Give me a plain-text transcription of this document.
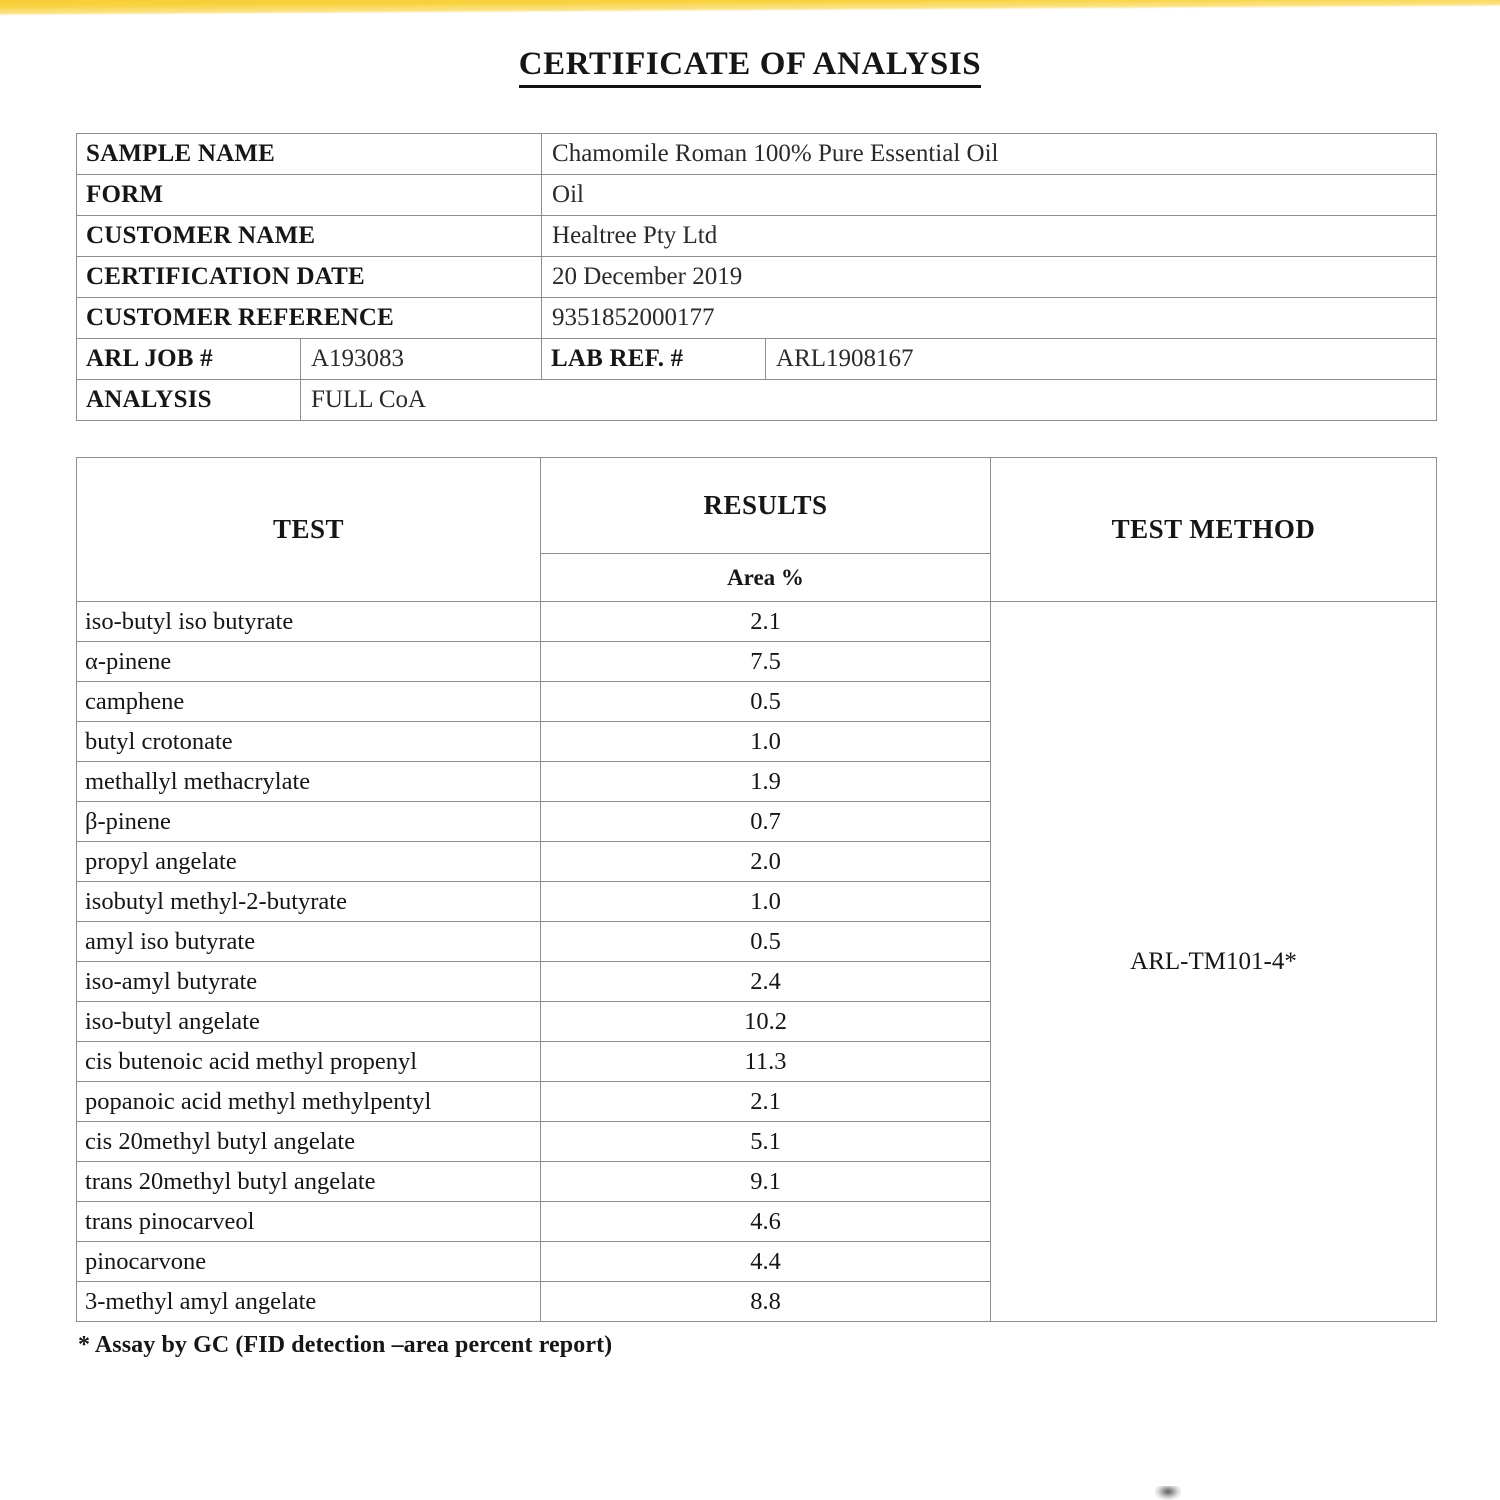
CERTIFICATE OF ANALYSIS
SAMPLE NAME		Chamomile Roman 100% Pure Essential Oil	
FORM		Oil	
CUSTOMER NAME		Healtree Pty Ltd	
CERTIFICATION DATE		20 December 2019	
CUSTOMER REFERENCE		9351852000177	
ARL JOB #	A193083	LAB REF. #	ARL1908167
ANALYSIS	FULL CoA		
TEST	RESULTS	TEST METHOD
	Area %	
iso-butyl iso butyrate	2.1	ARL-TM101-4*
α-pinene	7.5	
camphene	0.5	
butyl crotonate	1.0	
methallyl methacrylate	1.9	
β-pinene	0.7	
propyl angelate	2.0	
isobutyl methyl-2-butyrate	1.0	
amyl iso butyrate	0.5	
iso-amyl butyrate	2.4	
iso-butyl angelate	10.2	
cis butenoic acid methyl propenyl	11.3	
popanoic acid methyl methylpentyl	2.1	
cis 20methyl butyl angelate	5.1	
trans 20methyl butyl angelate	9.1	
trans pinocarveol	4.6	
pinocarvone	4.4	
3-methyl amyl angelate	8.8	
* Assay by GC (FID detection –area percent report)
